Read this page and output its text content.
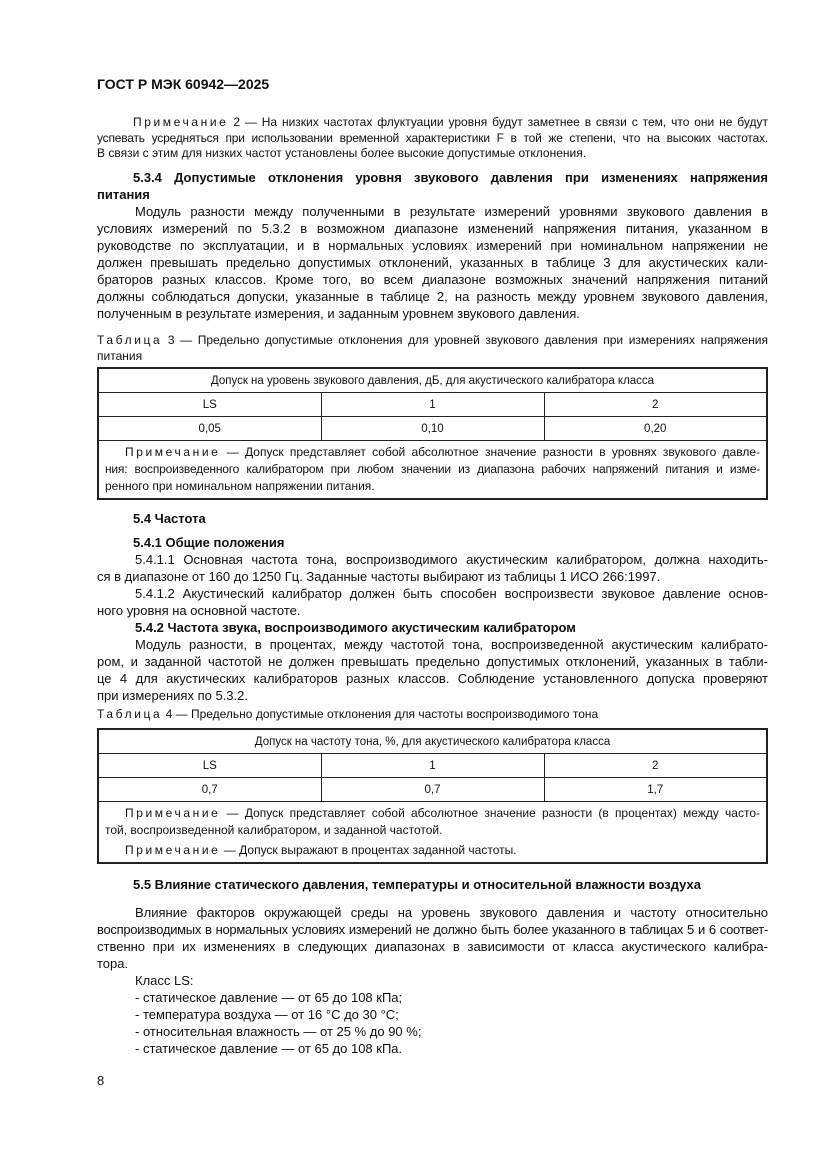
ГОСТ Р МЭК 60942—2025
Примечание 2 — На низких частотах флуктуации уровня будут заметнее в связи с тем, что они не будут
успевать усредняться при использовании временной характеристики F в той же степени, что на высоких частотах.
В связи с этим для низких частот установлены более высокие допустимые отклонения.
5.3.4 Допустимые отклонения уровня звукового давления при изменениях напряжения
питания
Модуль разности между полученными в результате измерений уровнями звукового давления в
условиях измерений по 5.3.2 в возможном диапазоне изменений напряжения питания, указанном в
руководстве по эксплуатации, и в нормальных условиях измерений при номинальном напряжении не
должен превышать предельно допустимых отклонений, указанных в таблице 3 для акустических кали-
браторов разных классов. Кроме того, во всем диапазоне возможных значений напряжения питаний
должны соблюдаться допуски, указанные в таблице 2, на разность между уровнем звукового давления,
полученным в результате измерения, и заданным уровнем звукового давления.
Таблица 3 — Предельно допустимые отклонения для уровней звукового давления при измерениях напряжения
питания
Допуск на уровень звукового давления, дБ, для акустического калибратора класса		
LS	1	2
0,05	0,10	0,20

Примечание — Допуск представляет собой абсолютное значение разности в уровнях звукового давле-
ния: воспроизведенного калибратором при любом значении из диапазона рабочих напряжений питания и изме-
ренного при номинальном напряжении питания.		
5.4 Частота
5.4.1 Общие положения
5.4.1.1 Основная частота тона, воспроизводимого акустическим калибратором, должна находить-
ся в диапазоне от 160 до 1250 Гц. Заданные частоты выбирают из таблицы 1 ИСО 266:1997.
5.4.1.2 Акустический калибратор должен быть способен воспроизвести звуковое давление основ-
ного уровня на основной частоте.
5.4.2 Частота звука, воспроизводимого акустическим калибратором
Модуль разности, в процентах, между частотой тона, воспроизведенной акустическим калибрато-
ром, и заданной частотой не должен превышать предельно допустимых отклонений, указанных в табли-
це 4 для акустических калибраторов разных классов. Соблюдение установленного допуска проверяют
при измерениях по 5.3.2.
Таблица 4 — Предельно допустимые отклонения для частоты воспроизводимого тона
Допуск на частоту тона, %, для акустического калибратора класса		
LS	1	2
0,7	0,7	1,7

Примечание — Допуск представляет собой абсолютное значение разности (в процентах) между часто-
той, воспроизведенной калибратором, и заданной частотой.
Примечание — Допуск выражают в процентах заданной частоты.		
5.5 Влияние статического давления, температуры и относительной влажности воздуха
Влияние факторов окружающей среды на уровень звукового давления и частоту относительно
воспроизводимых в нормальных условиях измерений не должно быть более указанного в таблицах 5 и 6 соответ-
ственно при их изменениях в следующих диапазонах в зависимости от класса акустического калибра-
тора.
Класс LS:
- статическое давление — от 65 до 108 кПа;
- температура воздуха — от 16 °C до 30 °C;
- относительная влажность — от 25 % до 90 %;
- статическое давление — от 65 до 108 кПа.
8
